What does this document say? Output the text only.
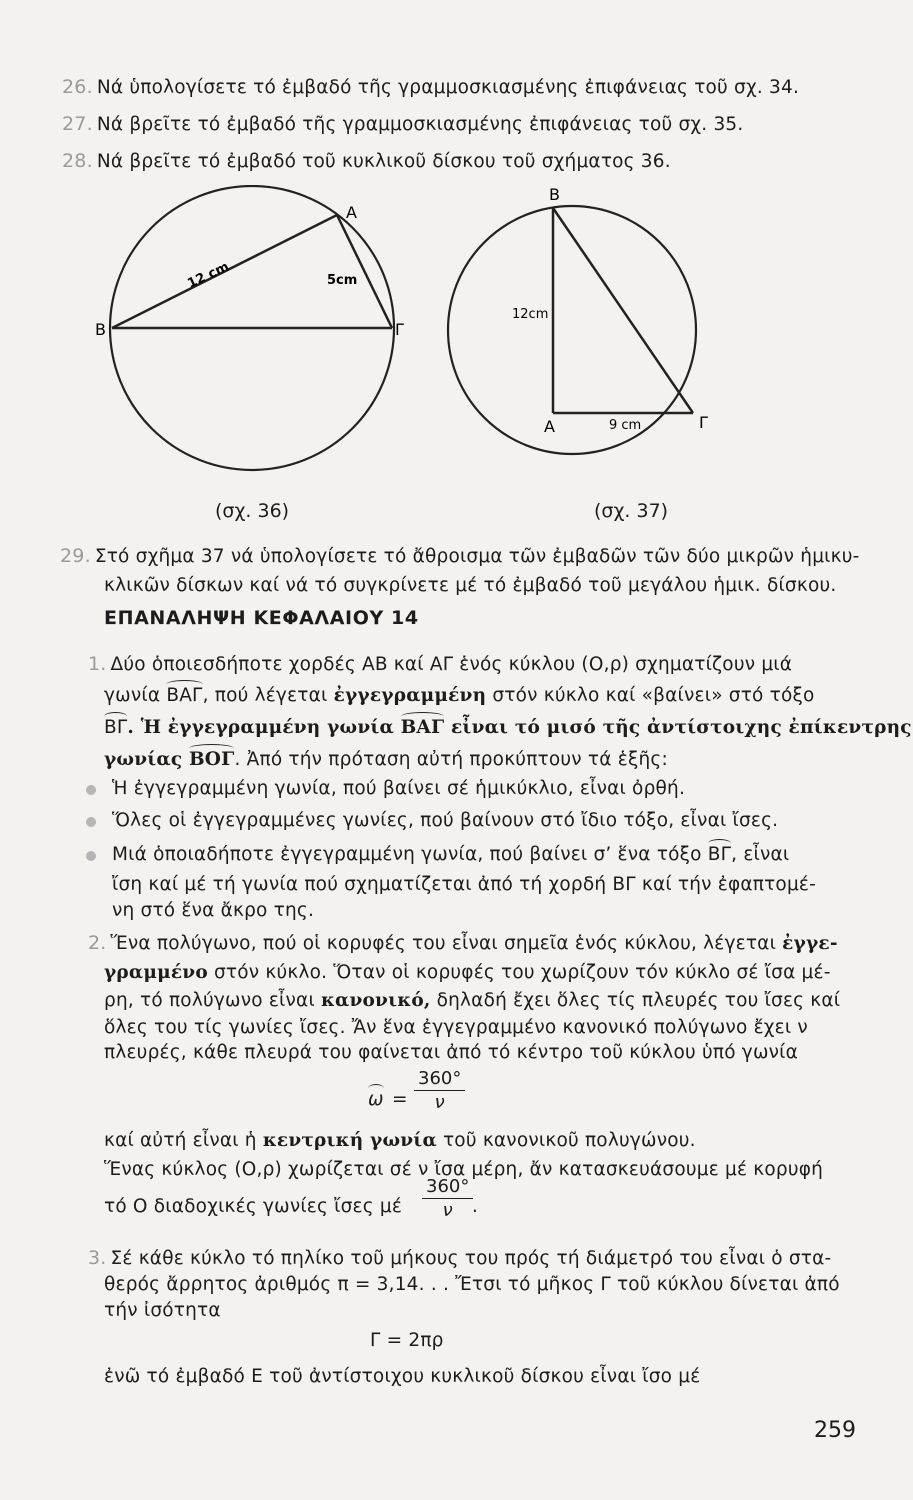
26. Νά ὑπολογίσετε τό ἐμβαδό τῆς γραμμοσκιασμένης ἐπιφάνειας τοῦ σχ. 34.
27. Νά βρεῖτε τό ἐμβαδό τῆς γραμμοσκιασμένης ἐπιφάνειας τοῦ σχ. 35.
28. Νά βρεῖτε τό ἐμβαδό τοῦ κυκλικοῦ δίσκου τοῦ σχήματος 36.
Β
Α
Γ
12 cm	5cm
Β
Α	Γ
12cm
9 cm
(σχ. 36)	(σχ. 37)
29. Στό σχῆμα 37 νά ὑπολογίσετε τό ἄθροισμα τῶν ἐμβαδῶν τῶν δύο μικρῶν ἡμικυ-
κλικῶν δίσκων καί νά τό συγκρίνετε μέ τό ἐμβαδό τοῦ μεγάλου ἡμικ. δίσκου.
ΕΠΑΝΑΛΗΨΗ ΚΕΦΑΛΑΙΟΥ 14
1. Δύο ὁποιεσδήποτε χορδές ΑΒ καί ΑΓ ἑνός κύκλου (Ο,ρ) σχηματίζουν μιά
γωνία ΒΑΓ, πού λέγεται ἐγγεγραμμένη στόν κύκλο καί «βαίνει» στό τόξο
ΒΓ. Ἡ ἐγγεγραμμένη γωνία ΒΑΓ εἶναι τό μισό τῆς ἀντίστοιχης ἐπίκεντρης
γωνίας ΒΟΓ. Ἀπό τήν πρόταση αὐτή προκύπτουν τά ἑξῆς:
Ἡ ἐγγεγραμμένη γωνία, πού βαίνει σέ ἡμικύκλιο, εἶναι ὀρθή.
Ὅλες οἱ ἐγγεγραμμένες γωνίες, πού βαίνουν στό ἴδιο τόξο, εἶναι ἴσες.
Μιά ὁποιαδήποτε ἐγγεγραμμένη γωνία, πού βαίνει σ’ ἕνα τόξο ΒΓ, εἶναι
ἴση καί μέ τή γωνία πού σχηματίζεται ἀπό τή χορδή ΒΓ καί τήν ἐφαπτομέ-
νη στό ἕνα ἄκρο της.
2. Ἕνα πολύγωνο, πού οἱ κορυφές του εἶναι σημεῖα ἑνός κύκλου, λέγεται ἐγγε-
γραμμένο στόν κύκλο. Ὅταν οἱ κορυφές του χωρίζουν τόν κύκλο σέ ἴσα μέ-
ρη, τό πολύγωνο εἶναι κανονικό, δηλαδή ἔχει ὅλες τίς πλευρές του ἴσες καί
ὅλες του τίς γωνίες ἴσες. Ἄν ἕνα ἐγγεγραμμένο κανονικό πολύγωνο ἔχει ν
πλευρές, κάθε πλευρά του φαίνεται ἀπό τό κέντρο τοῦ κύκλου ὑπό γωνία
$\omega = \frac{360^\circ}{\nu}$
καί αὐτή εἶναι ἡ κεντρική γωνία τοῦ κανονικοῦ πολυγώνου.
Ἕνας κύκλος (Ο,ρ) χωρίζεται σέ ν ἴσα μέρη, ἄν κατασκευάσουμε μέ κορυφή
τό Ο διαδοχικές γωνίες ἴσες μέ $\frac{360^\circ}{\nu}$
.
3. Σέ κάθε κύκλο τό πηλίκο τοῦ μήκους του πρός τή διάμετρό του εἶναι ὁ στα-
θερός ἄρρητος ἀριθμός π = 3,14. . . Ἔτσι τό μῆκος Γ τοῦ κύκλου δίνεται ἀπό
τήν ἰσότητα
Γ = 2πρ
ἐνῶ τό ἐμβαδό Ε τοῦ ἀντίστοιχου κυκλικοῦ δίσκου εἶναι ἴσο μέ
259
